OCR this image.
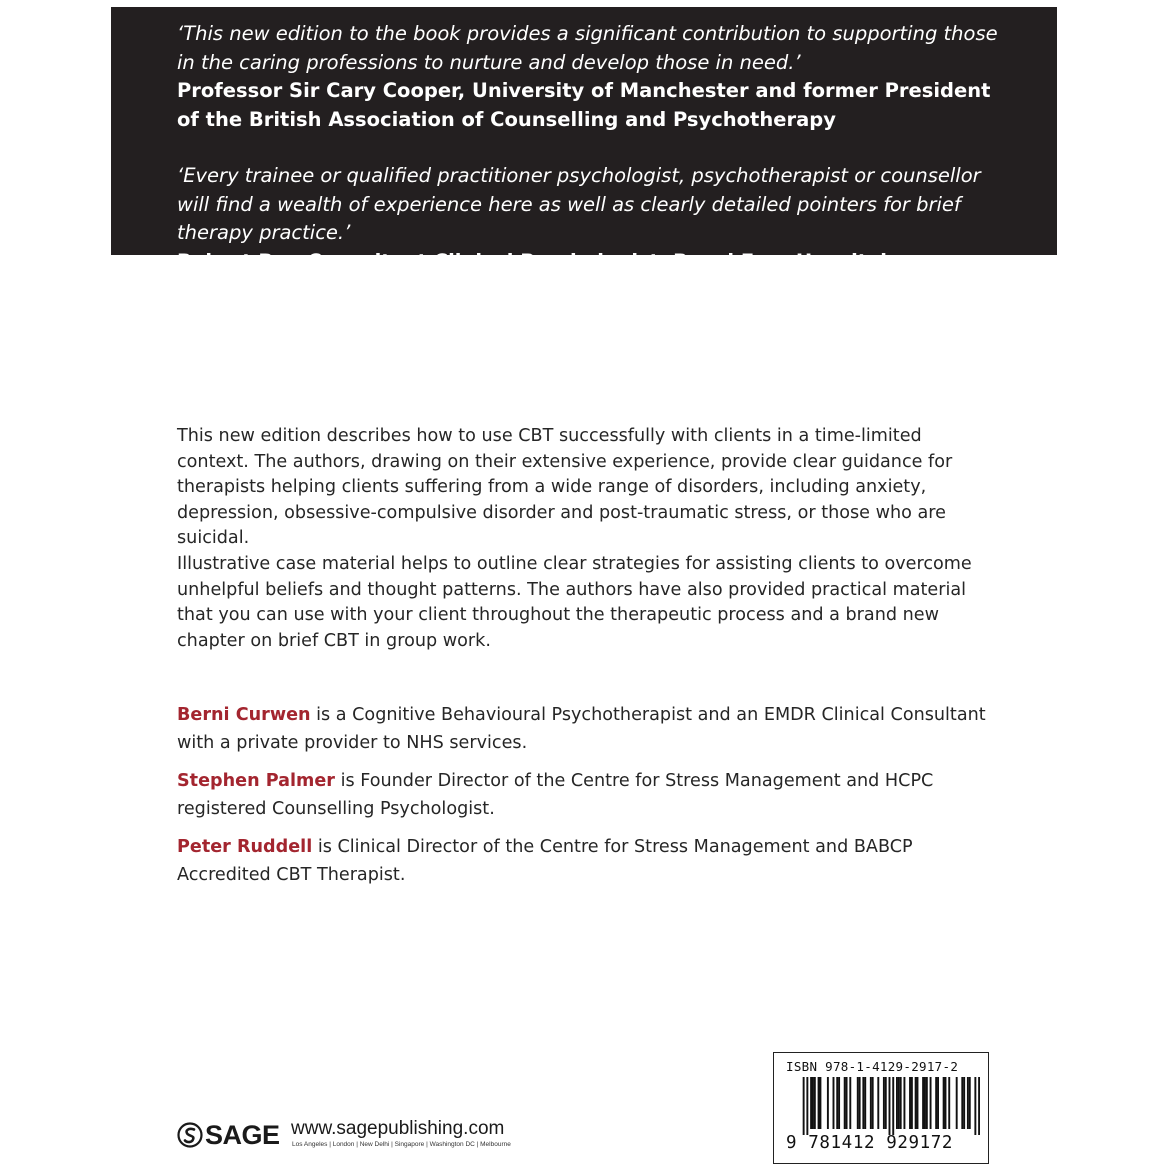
‘This new edition to the book provides a significant contribution to supporting those in the caring professions to nurture and develop those in need.’
Professor Sir Cary Cooper, University of Manchester and former President of the British Association of Counselling and Psychotherapy
‘Every trainee or qualified practitioner psychologist, psychotherapist or counsellor will find a wealth of experience here as well as clearly detailed pointers for brief therapy practice.’
Robert Bor, Consultant Clinical Psychologist, Royal Free Hospital
This new edition describes how to use CBT successfully with clients in a time-limited context. The authors, drawing on their extensive experience, provide clear guidance for therapists helping clients suffering from a wide range of disorders, including anxiety, depression, obsessive-compulsive disorder and post-traumatic stress, or those who are suicidal.
Illustrative case material helps to outline clear strategies for assisting clients to overcome unhelpful beliefs and thought patterns. The authors have also provided practical material that you can use with your client throughout the therapeutic process and a brand new chapter on brief CBT in group work.
Berni Curwen is a Cognitive Behavioural Psychotherapist and an EMDR Clinical Consultant with a private provider to NHS services.
Stephen Palmer is Founder Director of the Centre for Stress Management and HCPC registered Counselling Psychologist.
Peter Ruddell is Clinical Director of the Centre for Stress Management and BABCP Accredited CBT Therapist.
SAGE www.sagepublishing.com
Los Angeles | London | New Delhi | Singapore | Washington DC | Melbourne
ISBN 978-1-4129-2917-2
9 781412 929172
